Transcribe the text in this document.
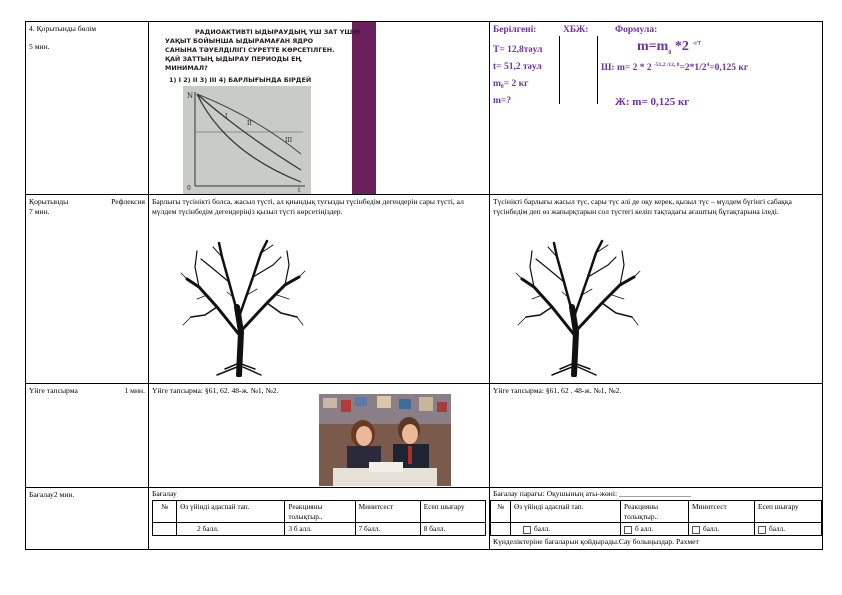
4. Қорытынды бөлім
5 мин.

РАДИОАКТИВТІ ЫДЫРАУДЫҢ ҮШ ЗАТ ҮШІН
УАҚЫТ БОЙЫНША ЫДЫРАМАҒАН ЯДРО
САНЫНА ТӘУЕЛДІЛІГІ СУРЕТТЕ КӨРСЕТІЛГЕН.
ҚАЙ ЗАТТЫҢ ЫДЫРАУ ПЕРИОДЫ ЕҢ
МИНИМАЛ?
1) I 2) II 3) III 4) БАРЛЫҒЫНДА БІРДЕЙ
N
0	t
I
II
III

Берілгені:	ХБЖ:	Формула:
T= 12,8тәул
t= 51,2 тәул
m₀= 2 кг
m=?
$m=m_0$ *2 $^{-t/T}$
Ш: m= 2 * 2 $^{-51,2 /12, 8}=2*1/2^4=0,125$ кг
Ж: m= 0,125 кг

Қорытынды	Рефлексия
7 мин.

Барлығы түсінікті болса, жасыл түсті, ал қиындық туғызды түсінбедім дегендерін сары түсті, ал мүлдем түсінбедім дегендеріңіз қызыл түсті көрсетіңіздер.

Түсінікті барлығы жасыл түс, сары түс әлі де оқу керек, қызыл түс – мүлдем бүгінгі сабаққа түсінбедім деп өз жапырқтарын сол түстегі келіп тақтадағы ағаштың бұтақтарына іледі.

Үйге тапсырма	1 мин.	Үйге тапсырма: §61, 62. 48-ж. №1, №2.	Үйге тапсырма: §61, 62 . 48-ж. №1, №2.

Бағалау2 мин.	Бағалау
№	Өз үйіндi адаспай тап.	Реакцияны толықтыр..	Минитсест	Есеп шығару
	2 балл.	3 б алл.	7 балл.	8 балл.

Бағалау парағы: Оқушының аты-жөні: ___________________
№	Өз үйіндi адаспай тап.	Реакцияны толықтыр..	Минитсест	Есеп шығару
	балл.	б алл.	балл.	балл.
Күнделіктеріне бағаларын қойдырады.Сау болыңыздар. Рахмет
